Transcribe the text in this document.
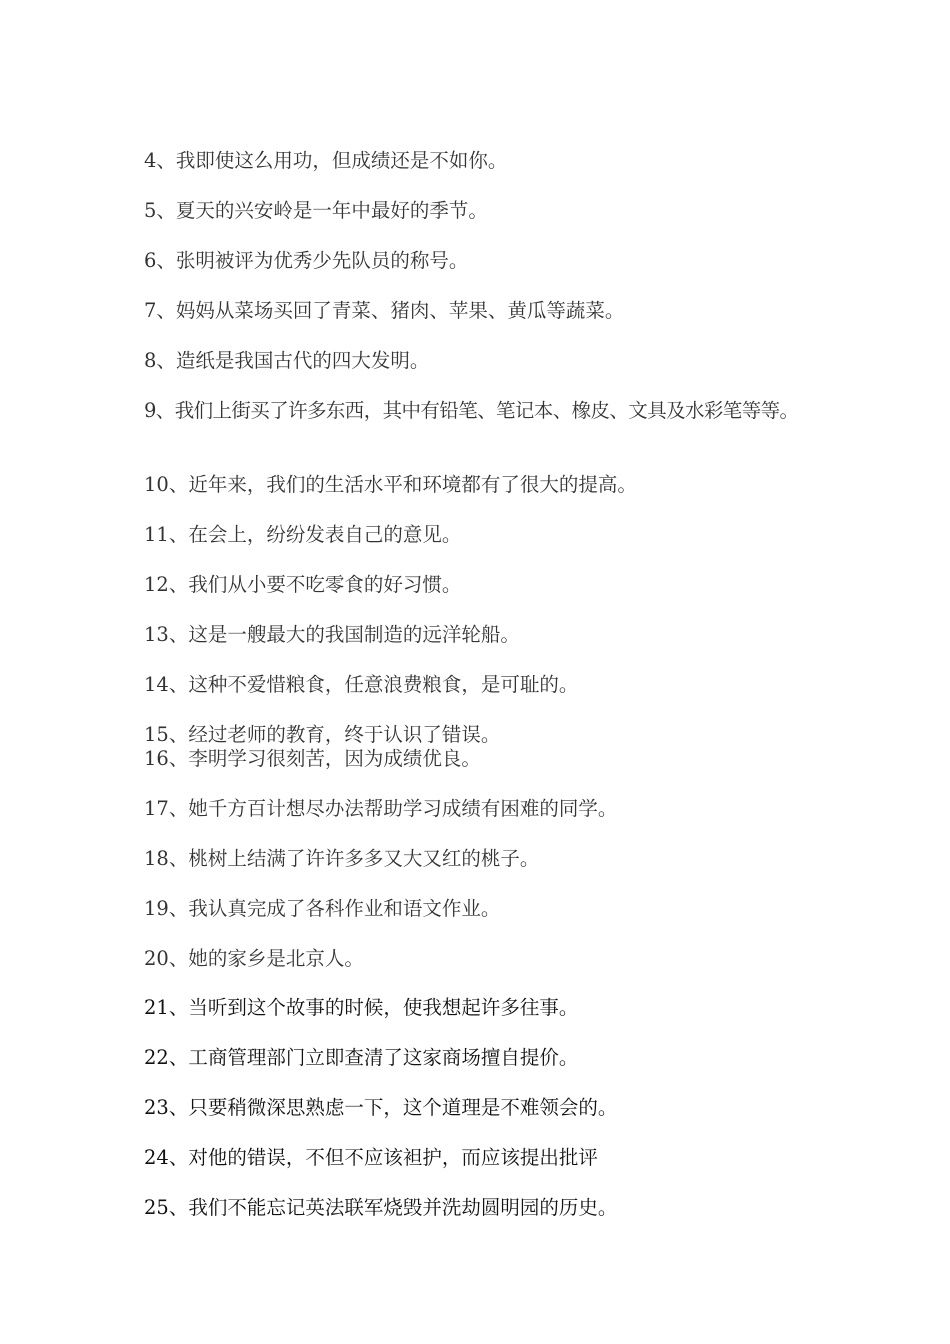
4、我即使这么用功，但成绩还是不如你。
5、夏天的兴安岭是一年中最好的季节。
6、张明被评为优秀少先队员的称号。
7、妈妈从菜场买回了青菜、猪肉、苹果、黄瓜等蔬菜。
8、造纸是我国古代的四大发明。
9、我们上街买了许多东西，其中有铅笔、笔记本、橡皮、文具及水彩笔等等。
10、近年来，我们的生活水平和环境都有了很大的提高。
11、在会上，纷纷发表自己的意见。
12、我们从小要不吃零食的好习惯。
13、这是一艘最大的我国制造的远洋轮船。
14、这种不爱惜粮食，任意浪费粮食，是可耻的。
15、经过老师的教育，终于认识了错误。
16、李明学习很刻苦，因为成绩优良。
17、她千方百计想尽办法帮助学习成绩有困难的同学。
18、桃树上结满了许许多多又大又红的桃子。
19、我认真完成了各科作业和语文作业。
20、她的家乡是北京人。
21、当听到这个故事的时候，使我想起许多往事。
22、工商管理部门立即查清了这家商场擅自提价。
23、只要稍微深思熟虑一下，这个道理是不难领会的。
24、对他的错误，不但不应该袒护，而应该提出批评
25、我们不能忘记英法联军烧毁并洗劫圆明园的历史。
